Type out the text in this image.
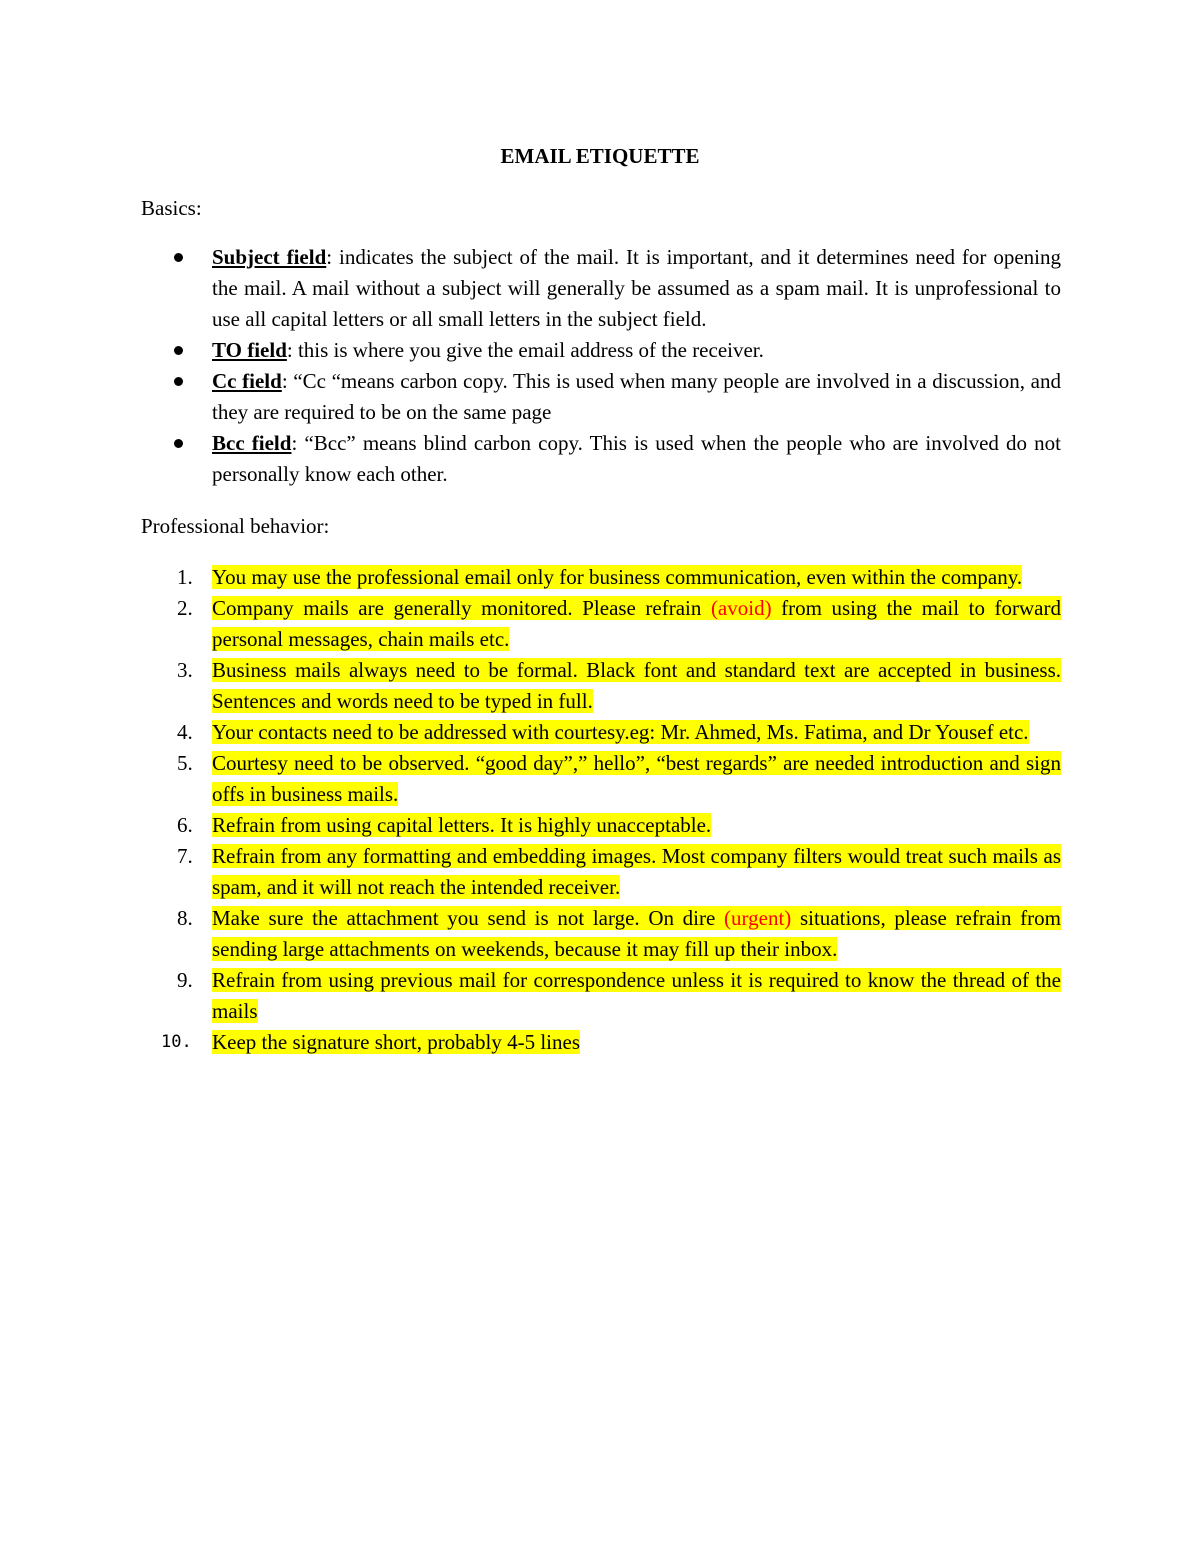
EMAIL ETIQUETTE
Basics:
Subject field: indicates the subject of the mail. It is important, and it determines need for opening the mail. A mail without a subject will generally be assumed as a spam mail. It is unprofessional to use all capital letters or all small letters in the subject field.
TO field: this is where you give the email address of the receiver.
Cc field: “Cc “means carbon copy. This is used when many people are involved in a discussion, and they are required to be on the same page
Bcc field: “Bcc” means blind carbon copy. This is used when the people who are involved do not personally know each other.
Professional behavior:
1. You may use the professional email only for business communication, even within the company.
2. Company mails are generally monitored. Please refrain (avoid) from using the mail to forward personal messages, chain mails etc.
3. Business mails always need to be formal. Black font and standard text are accepted in business. Sentences and words need to be typed in full.
4. Your contacts need to be addressed with courtesy.eg: Mr. Ahmed, Ms. Fatima, and Dr Yousef etc.
5. Courtesy need to be observed. “good day”,” hello”, “best regards” are needed introduction and sign offs in business mails.
6. Refrain from using capital letters. It is highly unacceptable.
7. Refrain from any formatting and embedding images. Most company filters would treat such mails as spam, and it will not reach the intended receiver.
8. Make sure the attachment you send is not large. On dire (urgent) situations, please refrain from sending large attachments on weekends, because it may fill up their inbox.
9. Refrain from using previous mail for correspondence unless it is required to know the thread of the mails
10. Keep the signature short, probably 4-5 lines
